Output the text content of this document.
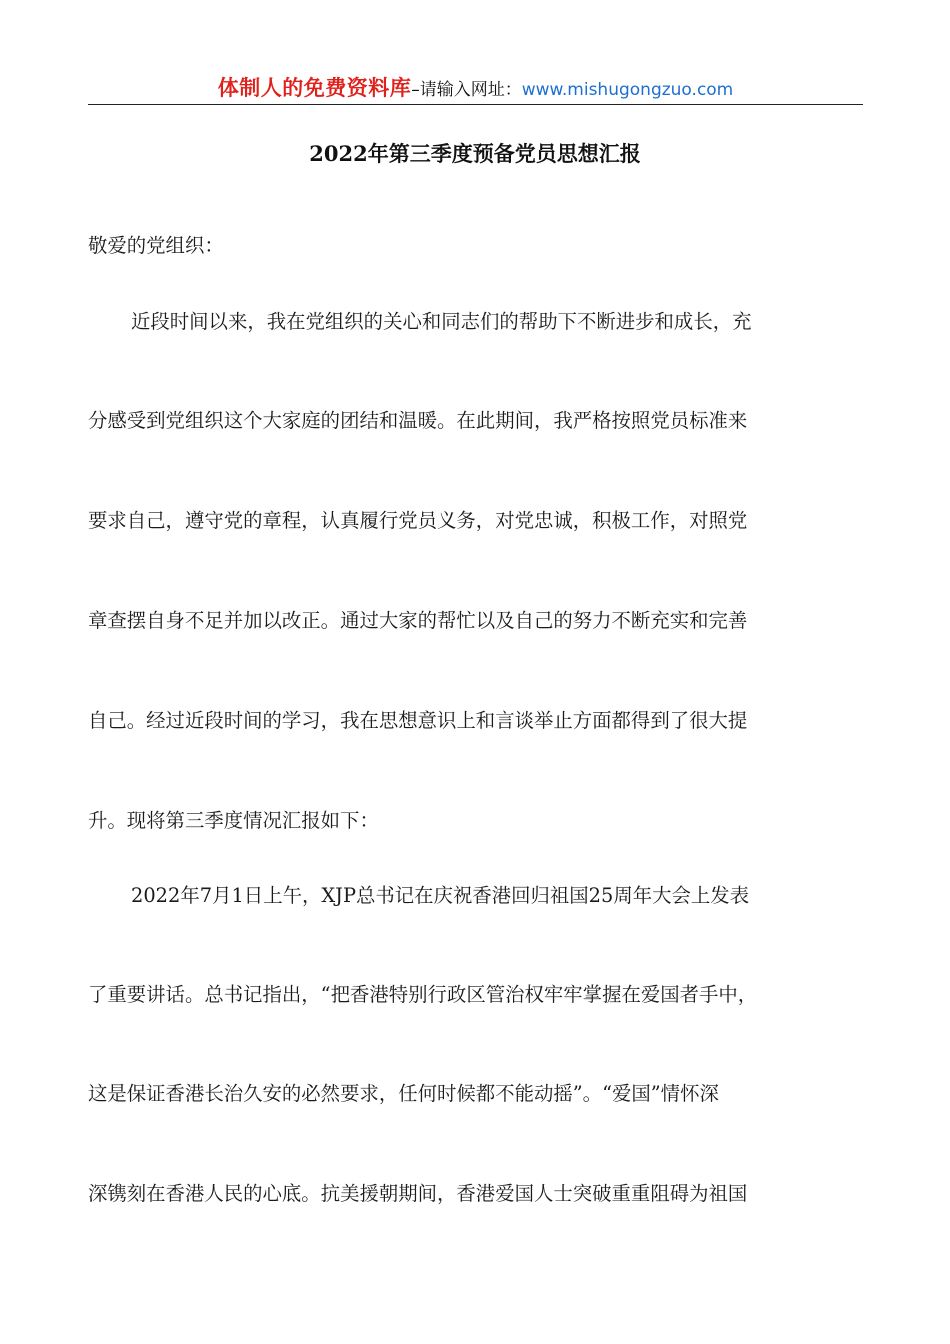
体制人的免费资料库–请输入网址：www.mishugongzuo.com
2022年第三季度预备党员思想汇报
敬爱的党组织：
近段时间以来，我在党组织的关心和同志们的帮助下不断进步和成长，充
分感受到党组织这个大家庭的团结和温暖。在此期间，我严格按照党员标准来
要求自己，遵守党的章程，认真履行党员义务，对党忠诚，积极工作，对照党
章查摆自身不足并加以改正。通过大家的帮忙以及自己的努力不断充实和完善
自己。经过近段时间的学习，我在思想意识上和言谈举止方面都得到了很大提
升。现将第三季度情况汇报如下：
2022年7月1日上午，XJP总书记在庆祝香港回归祖国25周年大会上发表
了重要讲话。总书记指出，“把香港特别行政区管治权牢牢掌握在爱国者手中，
这是保证香港长治久安的必然要求，任何时候都不能动摇”。“爱国”情怀深
深镌刻在香港人民的心底。抗美援朝期间，香港爱国人士突破重重阻碍为祖国
